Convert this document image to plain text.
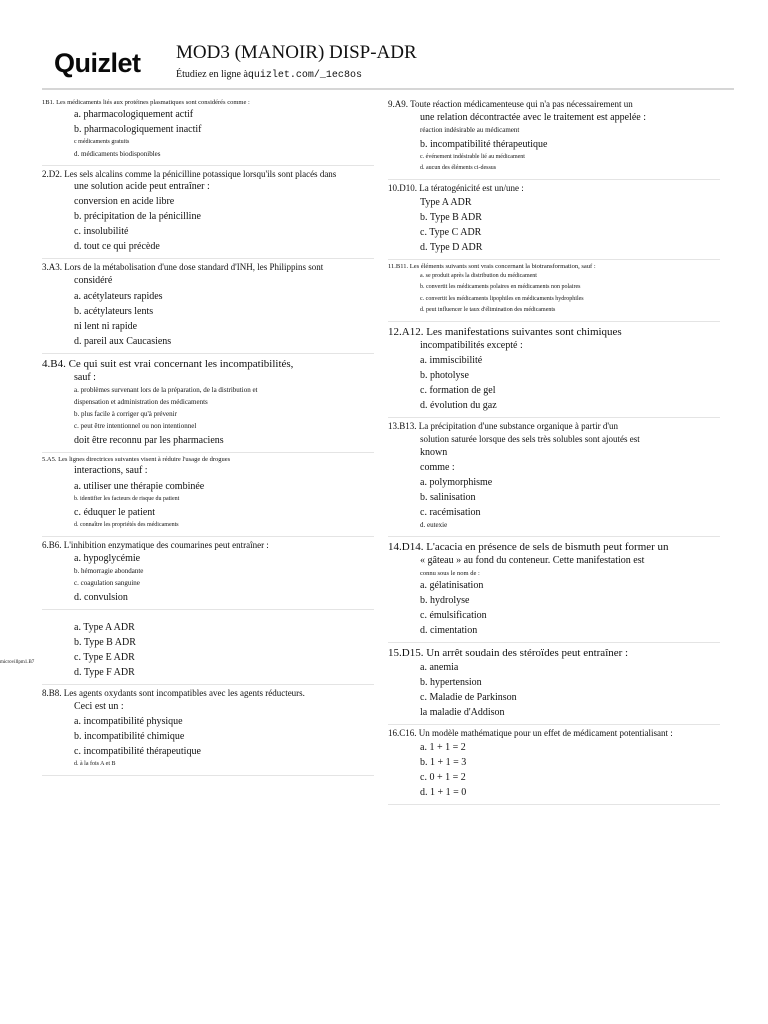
Quizlet MOD3 (MANOIR) DISP-ADR
Étudiez en ligne àquizlet.com/_1ec8os
microvillpm1.B7
1B1. Les médicaments liés aux protéines plasmatiques sont considérés comme :
a. pharmacologiquement actif
b. pharmacologiquement inactif
c médicaments gratuits
d. médicaments biodisponibles
2.D2. Les sels alcalins comme la pénicilline potassique lorsqu'ils sont placés dans
une solution acide peut entraîner :
conversion en acide libre
b. précipitation de la pénicilline
c. insolubilité
d. tout ce qui précède
3.A3. Lors de la métabolisation d'une dose standard d'INH, les Philippins sont
considéré
a. acétylateurs rapides
b. acétylateurs lents
ni lent ni rapide
d. pareil aux Caucasiens
4.B4. Ce qui suit est vrai concernant les incompatibilités,
sauf :
a. problèmes survenant lors de la préparation, de la distribution et
dispensation et administration des médicaments
b. plus facile à corriger qu'à prévenir
c. peut être intentionnel ou non intentionnel
doit être reconnu par les pharmaciens
5.A5. Les lignes directrices suivantes visent à réduire l'usage de drogues
interactions, sauf :
a. utiliser une thérapie combinée
b. identifier les facteurs de risque du patient
c. éduquer le patient
d. connaître les propriétés des médicaments
6.B6. L'inhibition enzymatique des coumarines peut entraîner :
a. hypoglycémie
b. hémorragie abondante
c. coagulation sanguine
d. convulsion
a. Type A ADR
b. Type B ADR
c. Type E ADR
d. Type F ADR
8.B8. Les agents oxydants sont incompatibles avec les agents réducteurs.
Ceci est un :
a. incompatibilité physique
b. incompatibilité chimique
c. incompatibilité thérapeutique
d. à la fois A et B
9.A9. Toute réaction médicamenteuse qui n'a pas nécessairement un
une relation décontractée avec le traitement est appelée :
réaction indésirable au médicament
b. incompatibilité thérapeutique
c. événement indésirable lié au médicament
d. aucun des éléments ci-dessus
10.D10. La tératogénicité est un/une :
Type A ADR
b. Type B ADR
c. Type C ADR
d. Type D ADR
11.B11. Les éléments suivants sont vrais concernant la biotransformation, sauf :
a. se produit après la distribution du médicament
b. convertit les médicaments polaires en médicaments non polaires
c. convertit les médicaments lipophiles en médicaments hydrophiles
d. peut influencer le taux d'élimination des médicaments
12.A12. Les manifestations suivantes sont chimiques
incompatibilités excepté :
a. immiscibilité
b. photolyse
c. formation de gel
d. évolution du gaz
13.B13. La précipitation d'une substance organique à partir d'un
solution saturée lorsque des sels très solubles sont ajoutés est
known
comme :
a. polymorphisme
b. salinisation
c. racémisation
d. eutexie
14.D14. L'acacia en présence de sels de bismuth peut former un
« gâteau » au fond du conteneur. Cette manifestation est
connu sous le nom de :
a. gélatinisation
b. hydrolyse
c. émulsification
d. cimentation
15.D15. Un arrêt soudain des stéroïdes peut entraîner :
a. anemia
b. hypertension
c. Maladie de Parkinson
la maladie d'Addison
16.C16. Un modèle mathématique pour un effet de médicament potentialisant :
a. 1 + 1 = 2
b. 1 + 1 = 3
c. 0 + 1 = 2
d. 1 + 1 = 0
